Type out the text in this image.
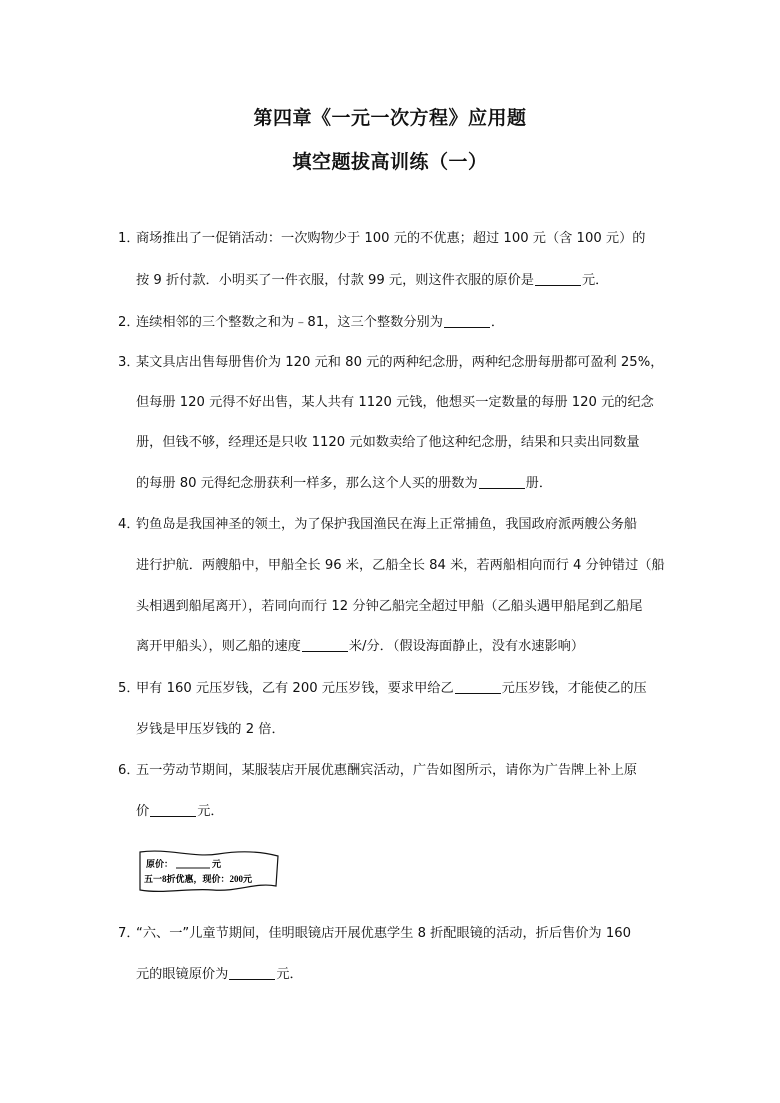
第四章《一元一次方程》应用题
填空题拔高训练（一）
1．
商场推出了一促销活动：一次购物少于 100 元的不优惠；超过 100 元（含 100 元）的
按 9 折付款．小明买了一件衣服，付款 99 元，则这件衣服的原价是	元．
2．
连续相邻的三个整数之和为﹣81，这三个整数分别为	．
3．
某文具店出售每册售价为 120 元和 80 元的两种纪念册，两种纪念册每册都可盈利 25%，
但每册 120 元得不好出售，某人共有 1120 元钱，他想买一定数量的每册 120 元的纪念
册，但钱不够，经理还是只收 1120 元如数卖给了他这种纪念册，结果和只卖出同数量
的每册 80 元得纪念册获利一样多，那么这个人买的册数为	册．
4．
钓鱼岛是我国神圣的领土，为了保护我国渔民在海上正常捕鱼，我国政府派两艘公务船
进行护航．两艘船中，甲船全长 96 米，乙船全长 84 米，若两船相向而行 4 分钟错过（船
头相遇到船尾离开），若同向而行 12 分钟乙船完全超过甲船（乙船头遇甲船尾到乙船尾
离开甲船头），则乙船的速度	米/分．（假设海面静止，没有水速影响）
5．
甲有 160 元压岁钱，乙有 200 元压岁钱，要求甲给乙	元压岁钱，才能使乙的压
岁钱是甲压岁钱的 2 倍．
6．
五一劳动节期间，某服装店开展优惠酬宾活动，广告如图所示，请你为广告牌上补上原
价	元．
7．
“六、一”儿童节期间，佳明眼镜店开展优惠学生 8 折配眼镜的活动，折后售价为 160
元的眼镜原价为	元．
原价：	元
五一8折优惠，现价：200元
